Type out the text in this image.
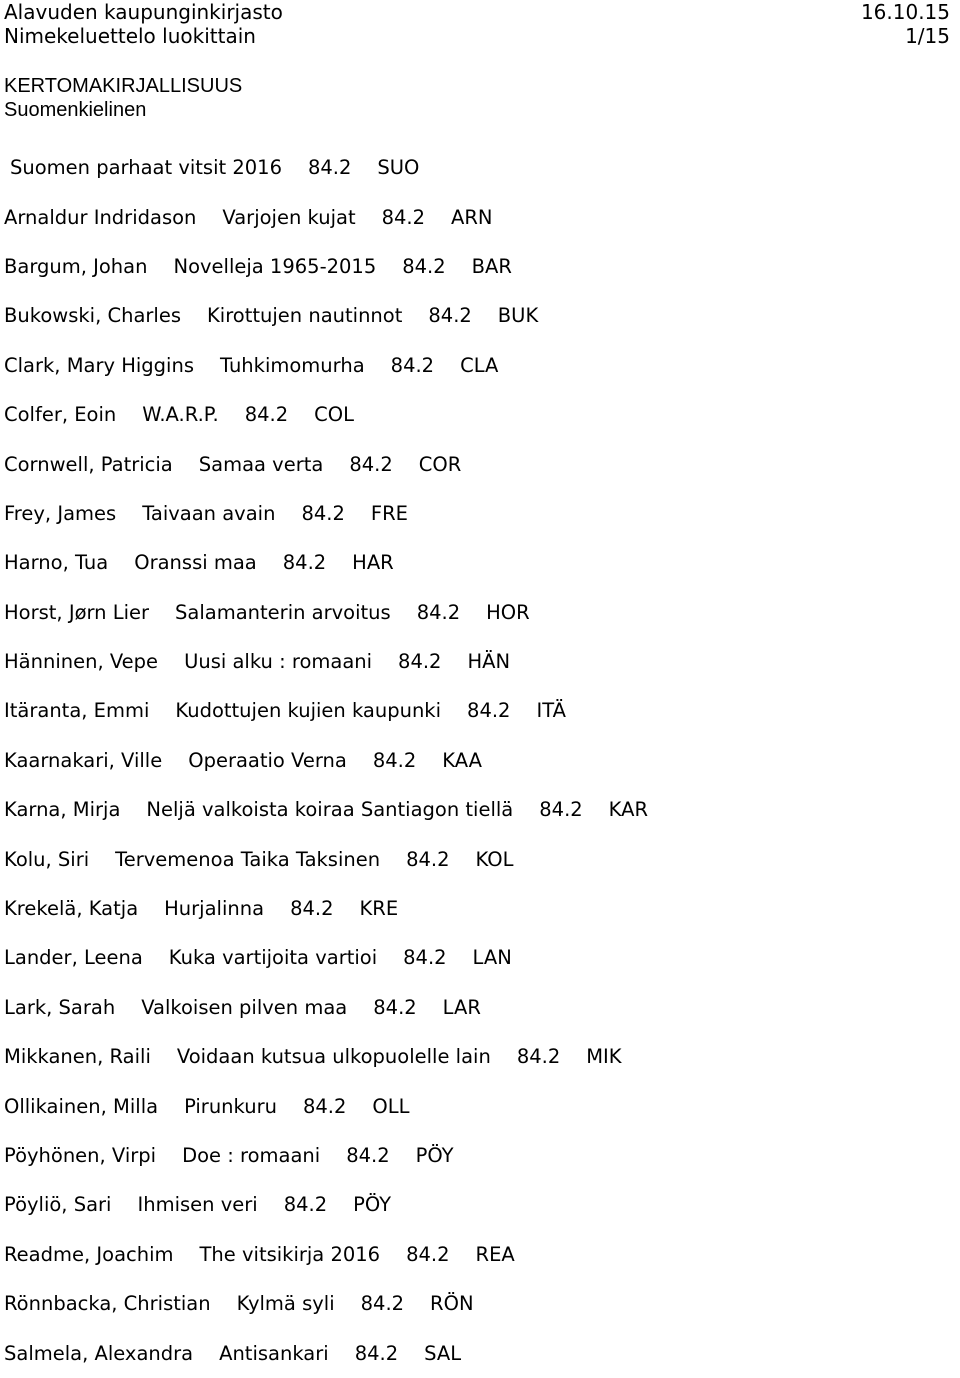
Alavuden kaupunginkirjasto	16.10.15
Nimekeluettelo luokittain	1/15
KERTOMAKIRJALLISUUS
Suomenkielinen
Suomen parhaat vitsit 2016 84.2 SUO
Arnaldur Indridason Varjojen kujat 84.2 ARN
Bargum, Johan Novelleja 1965-2015 84.2 BAR
Bukowski, Charles Kirottujen nautinnot 84.2 BUK
Clark, Mary Higgins Tuhkimomurha 84.2 CLA
Colfer, Eoin W.A.R.P. 84.2 COL
Cornwell, Patricia Samaa verta 84.2 COR
Frey, James Taivaan avain 84.2 FRE
Harno, Tua Oranssi maa 84.2 HAR
Horst, Jørn Lier Salamanterin arvoitus 84.2 HOR
Hänninen, Vepe Uusi alku : romaani 84.2 HÄN
Itäranta, Emmi Kudottujen kujien kaupunki 84.2 ITÄ
Kaarnakari, Ville Operaatio Verna 84.2 KAA
Karna, Mirja Neljä valkoista koiraa Santiagon tiellä 84.2 KAR
Kolu, Siri Tervemenoa Taika Taksinen 84.2 KOL
Krekelä, Katja Hurjalinna 84.2 KRE
Lander, Leena Kuka vartijoita vartioi 84.2 LAN
Lark, Sarah Valkoisen pilven maa 84.2 LAR
Mikkanen, Raili Voidaan kutsua ulkopuolelle lain 84.2 MIK
Ollikainen, Milla Pirunkuru 84.2 OLL
Pöyhönen, Virpi Doe : romaani 84.2 PÖY
Pöyliö, Sari Ihmisen veri 84.2 PÖY
Readme, Joachim The vitsikirja 2016 84.2 REA
Rönnbacka, Christian Kylmä syli 84.2 RÖN
Salmela, Alexandra Antisankari 84.2 SAL
